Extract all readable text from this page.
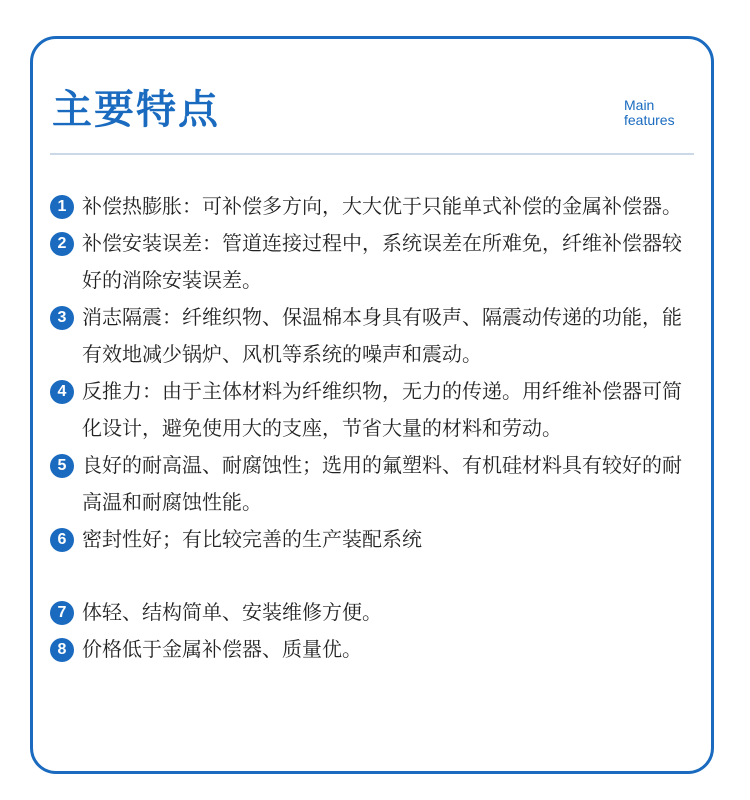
主要特点	Main
features
1 补偿热膨胀：可补偿多方向，大大优于只能单式补偿的金属补偿器。
2 补偿安装误差：管道连接过程中，系统误差在所难免，纤维补偿器较好的消除安装误差。
3 消志隔震：纤维织物、保温棉本身具有吸声、隔震动传递的功能，能有效地减少锅炉、风机等系统的噪声和震动。
4 反推力：由于主体材料为纤维织物，无力的传递。用纤维补偿器可简化设计，避免使用大的支座，节省大量的材料和劳动。
5 良好的耐高温、耐腐蚀性；选用的氟塑料、有机硅材料具有较好的耐高温和耐腐蚀性能。
6 密封性好；有比较完善的生产装配系统
7 体轻、结构简单、安装维修方便。
8 价格低于金属补偿器、质量优。
